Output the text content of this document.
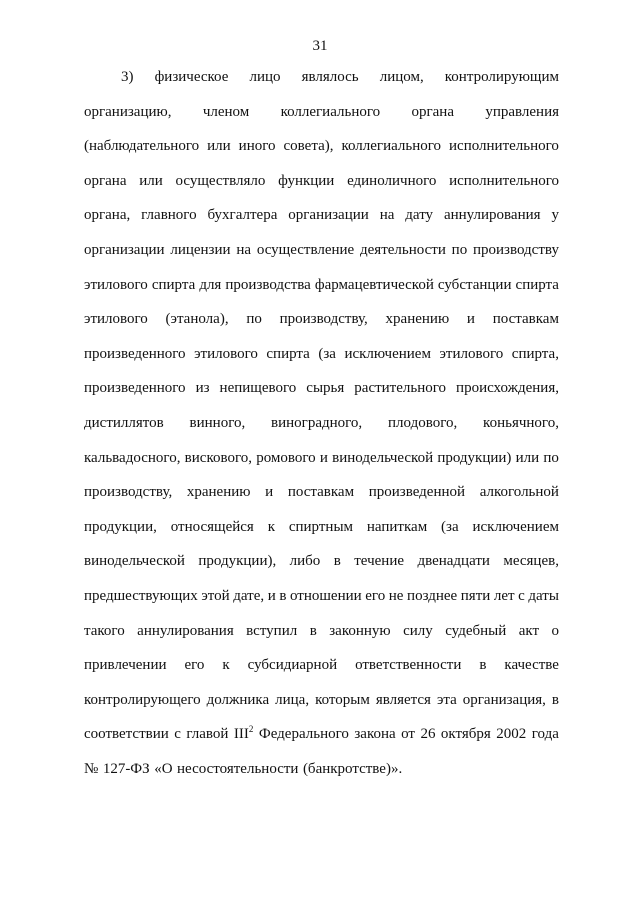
31
3) физическое лицо являлось лицом, контролирующим
организацию, членом коллегиального органа управления
(наблюдательного или иного совета), коллегиального исполнительного
органа или осуществляло функции единоличного исполнительного
органа, главного бухгалтера организации на дату аннулирования у
организации лицензии на осуществление деятельности по производству
этилового спирта для производства фармацевтической субстанции спирта
этилового (этанола), по производству, хранению и поставкам
произведенного этилового спирта (за исключением этилового спирта,
произведенного из непищевого сырья растительного происхождения,
дистиллятов винного, виноградного, плодового, коньячного,
кальвадосного, вискового, ромового и винодельческой продукции) или по
производству, хранению и поставкам произведенной алкогольной
продукции, относящейся к спиртным напиткам (за исключением
винодельческой продукции), либо в течение двенадцати месяцев,
предшествующих этой дате, и в отношении его не позднее пяти лет с даты
такого аннулирования вступил в законную силу судебный акт о
привлечении его к субсидиарной ответственности в качестве
контролирующего должника лица, которым является эта организация, в
соответствии с главой III$^2$ Федерального закона от 26 октября 2002 года
№ 127-ФЗ «О несостоятельности (банкротстве)».
